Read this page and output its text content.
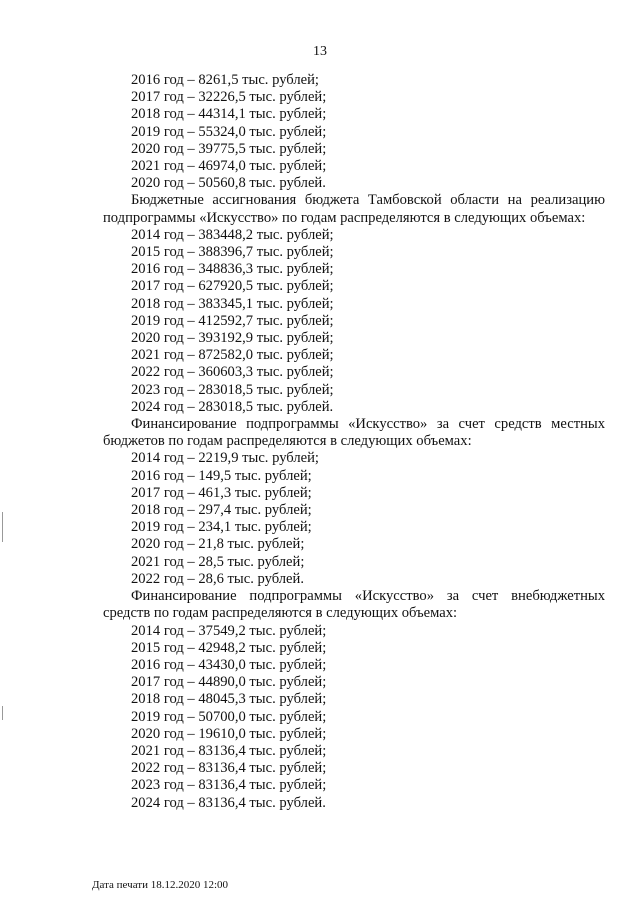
13
2016 год – 8261,5 тыс. рублей;
2017 год – 32226,5 тыс. рублей;
2018 год – 44314,1 тыс. рублей;
2019 год – 55324,0 тыс. рублей;
2020 год – 39775,5 тыс. рублей;
2021 год – 46974,0 тыс. рублей;
2020 год – 50560,8 тыс. рублей.
Бюджетные ассигнования бюджета Тамбовской области на реализацию подпрограммы «Искусство» по годам распределяются в следующих объемах:
2014 год – 383448,2 тыс. рублей;
2015 год – 388396,7 тыс. рублей;
2016 год – 348836,3 тыс. рублей;
2017 год – 627920,5 тыс. рублей;
2018 год – 383345,1 тыс. рублей;
2019 год – 412592,7 тыс. рублей;
2020 год – 393192,9 тыс. рублей;
2021 год – 872582,0 тыс. рублей;
2022 год – 360603,3 тыс. рублей;
2023 год – 283018,5 тыс. рублей;
2024 год – 283018,5 тыс. рублей.
Финансирование подпрограммы «Искусство» за счет средств местных бюджетов по годам распределяются в следующих объемах:
2014 год – 2219,9 тыс. рублей;
2016 год – 149,5 тыс. рублей;
2017 год – 461,3 тыс. рублей;
2018 год – 297,4 тыс. рублей;
2019 год – 234,1 тыс. рублей;
2020 год – 21,8 тыс. рублей;
2021 год – 28,5 тыс. рублей;
2022 год – 28,6 тыс. рублей.
Финансирование подпрограммы «Искусство» за счет внебюджетных средств по годам распределяются в следующих объемах:
2014 год – 37549,2 тыс. рублей;
2015 год – 42948,2 тыс. рублей;
2016 год – 43430,0 тыс. рублей;
2017 год – 44890,0 тыс. рублей;
2018 год – 48045,3 тыс. рублей;
2019 год – 50700,0 тыс. рублей;
2020 год – 19610,0 тыс. рублей;
2021 год – 83136,4 тыс. рублей;
2022 год – 83136,4 тыс. рублей;
2023 год – 83136,4 тыс. рублей;
2024 год – 83136,4 тыс. рублей.
Дата печати 18.12.2020 12:00
